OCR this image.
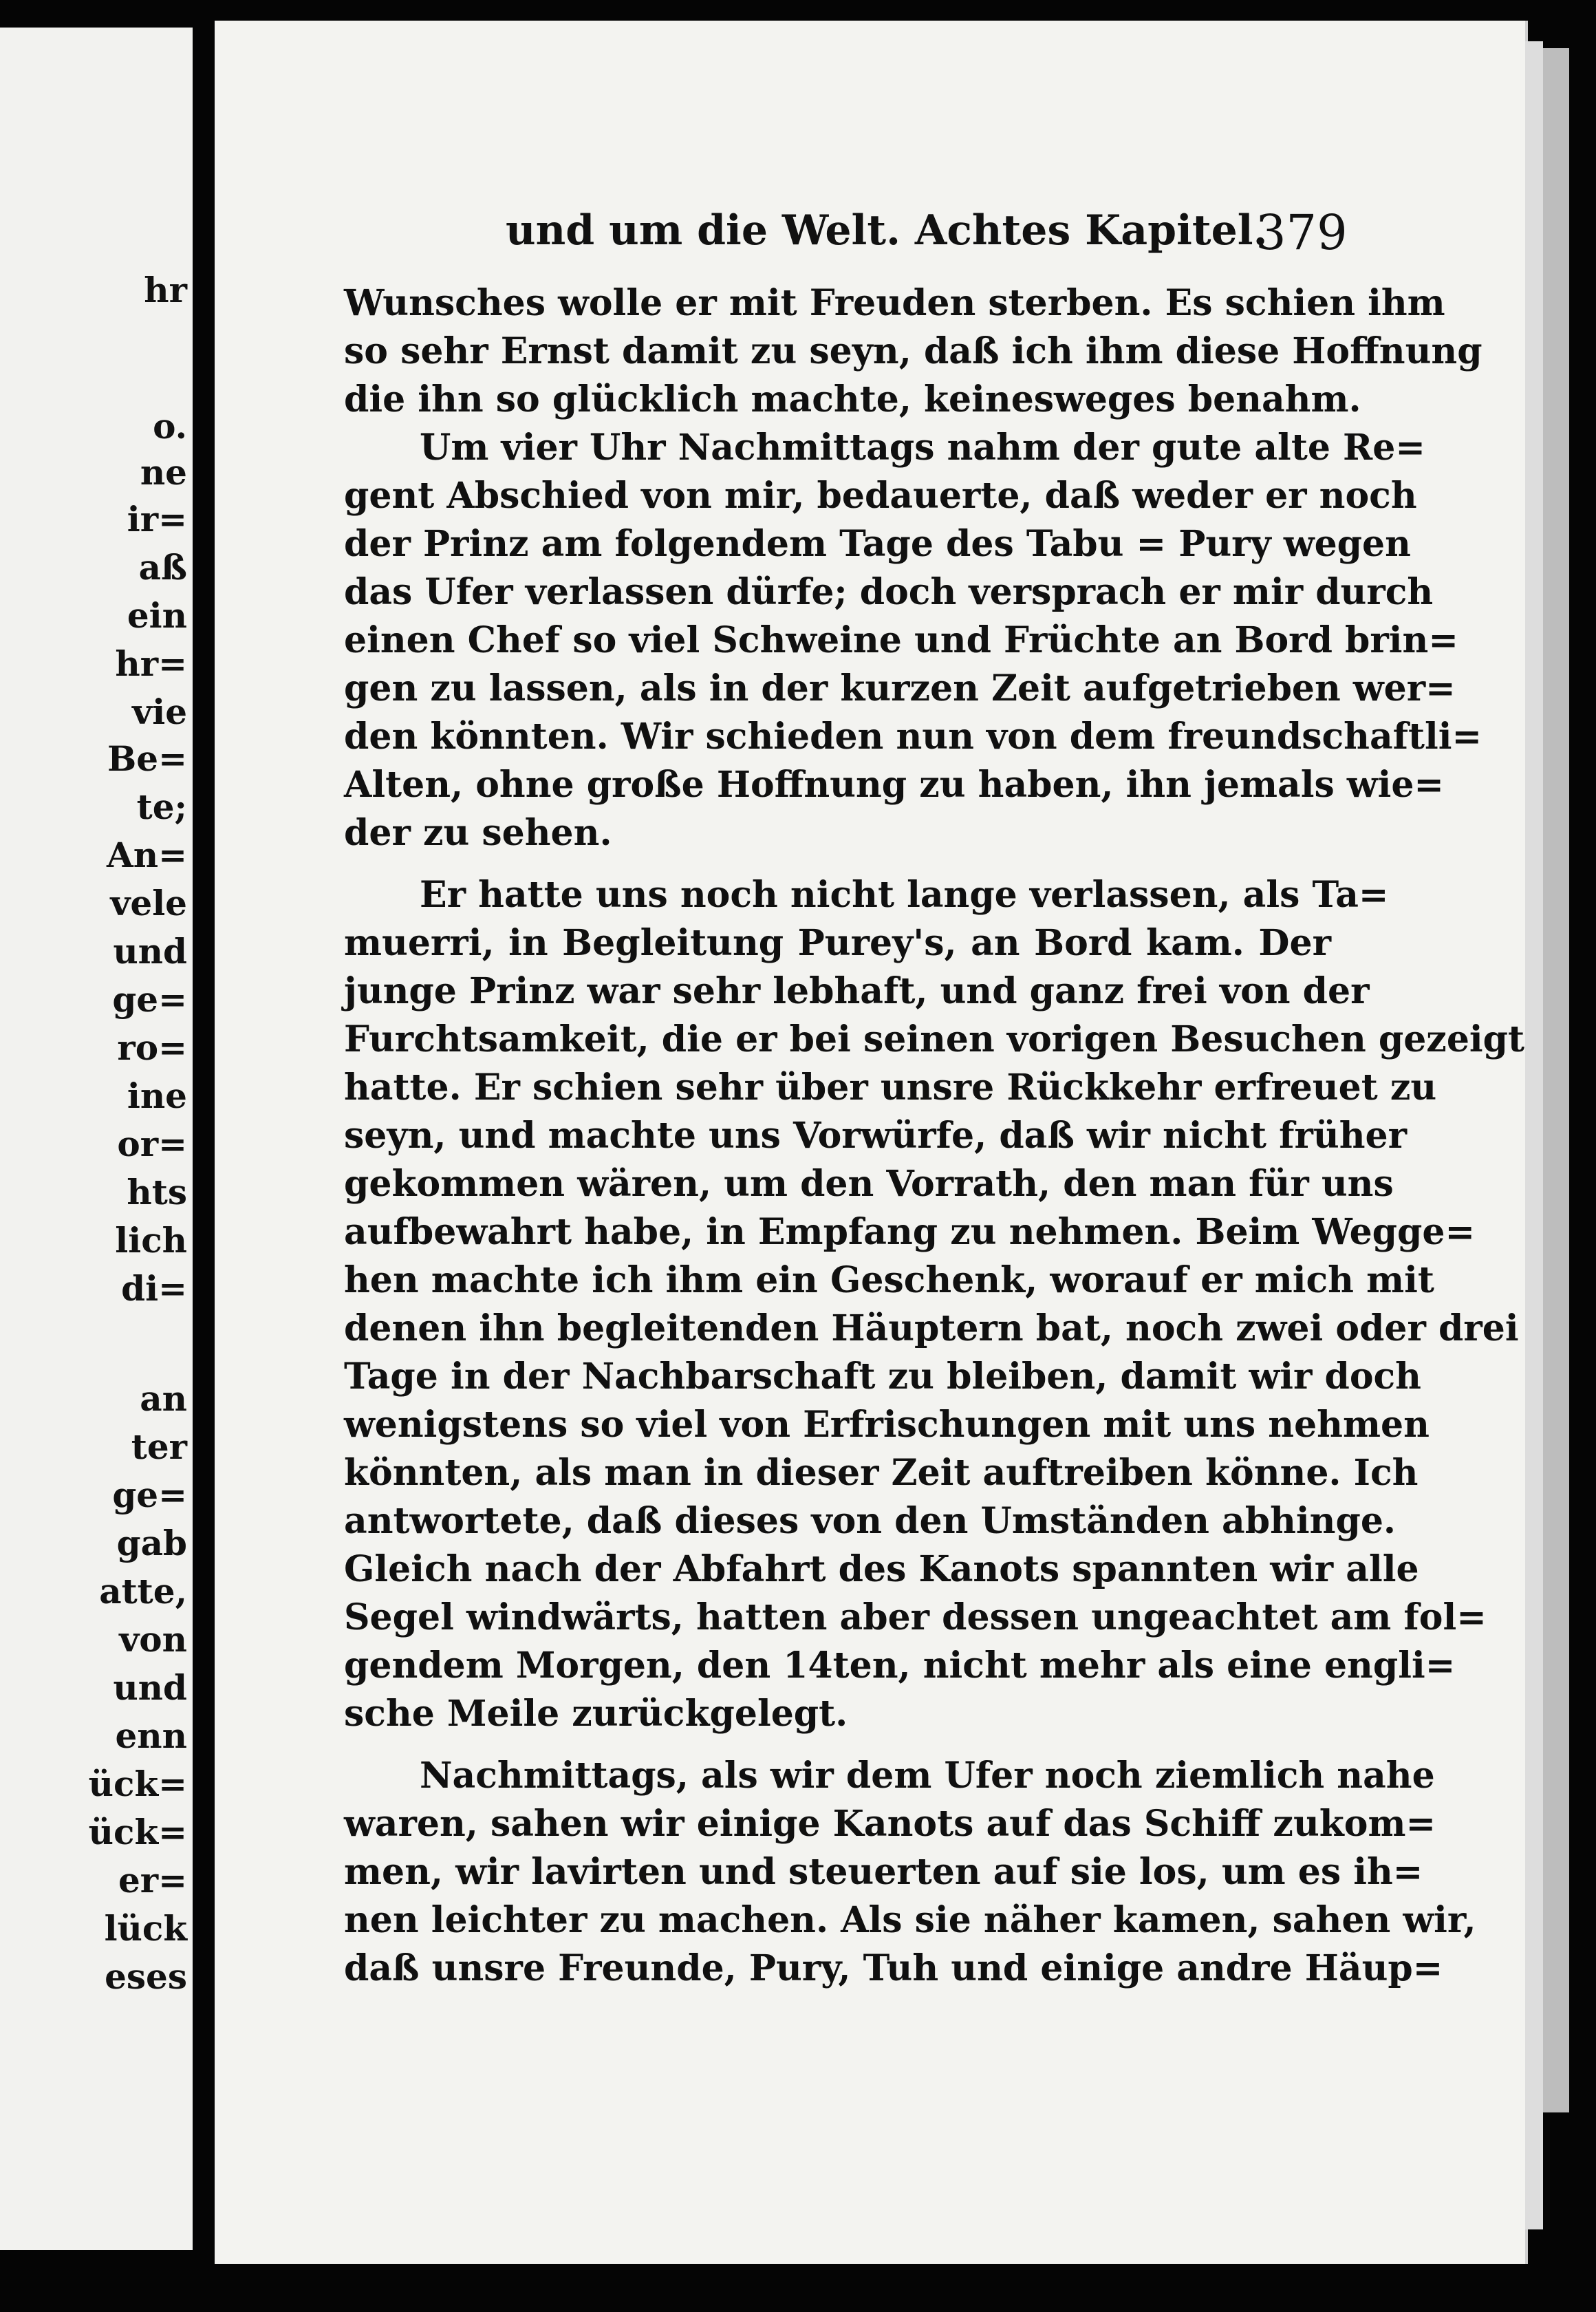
hr
o.
ne
ir=
aß
ein
hr=
vie
Be=
te;
An=
vele
und
ge=
ro=
ine
or=
hts
lich
di=
an
ter
ge=
gab
atte,
von
und
enn
ück=
ück=
er=
lück
eses
und um die Welt. Achtes Kapitel.
379
Wunsches wolle er mit Freuden sterben. Es schien ihm
so sehr Ernst damit zu seyn, daß ich ihm diese Hoffnung
die ihn so glücklich machte, keinesweges benahm.
Um vier Uhr Nachmittags nahm der gute alte Re=
gent Abschied von mir, bedauerte, daß weder er noch
der Prinz am folgendem Tage des Tabu = Pury wegen
das Ufer verlassen dürfe; doch versprach er mir durch
einen Chef so viel Schweine und Früchte an Bord brin=
gen zu lassen, als in der kurzen Zeit aufgetrieben wer=
den könnten. Wir schieden nun von dem freundschaftli=
Alten, ohne große Hoffnung zu haben, ihn jemals wie=
der zu sehen.
Er hatte uns noch nicht lange verlassen, als Ta=
muerri, in Begleitung Purey's, an Bord kam. Der
junge Prinz war sehr lebhaft, und ganz frei von der
Furchtsamkeit, die er bei seinen vorigen Besuchen gezeigt
hatte. Er schien sehr über unsre Rückkehr erfreuet zu
seyn, und machte uns Vorwürfe, daß wir nicht früher
gekommen wären, um den Vorrath, den man für uns
aufbewahrt habe, in Empfang zu nehmen. Beim Wegge=
hen machte ich ihm ein Geschenk, worauf er mich mit
denen ihn begleitenden Häuptern bat, noch zwei oder drei
Tage in der Nachbarschaft zu bleiben, damit wir doch
wenigstens so viel von Erfrischungen mit uns nehmen
könnten, als man in dieser Zeit auftreiben könne. Ich
antwortete, daß dieses von den Umständen abhinge.
Gleich nach der Abfahrt des Kanots spannten wir alle
Segel windwärts, hatten aber dessen ungeachtet am fol=
gendem Morgen, den 14ten, nicht mehr als eine engli=
sche Meile zurückgelegt.
Nachmittags, als wir dem Ufer noch ziemlich nahe
waren, sahen wir einige Kanots auf das Schiff zukom=
men, wir lavirten und steuerten auf sie los, um es ih=
nen leichter zu machen. Als sie näher kamen, sahen wir,
daß unsre Freunde, Pury, Tuh und einige andre Häup=
